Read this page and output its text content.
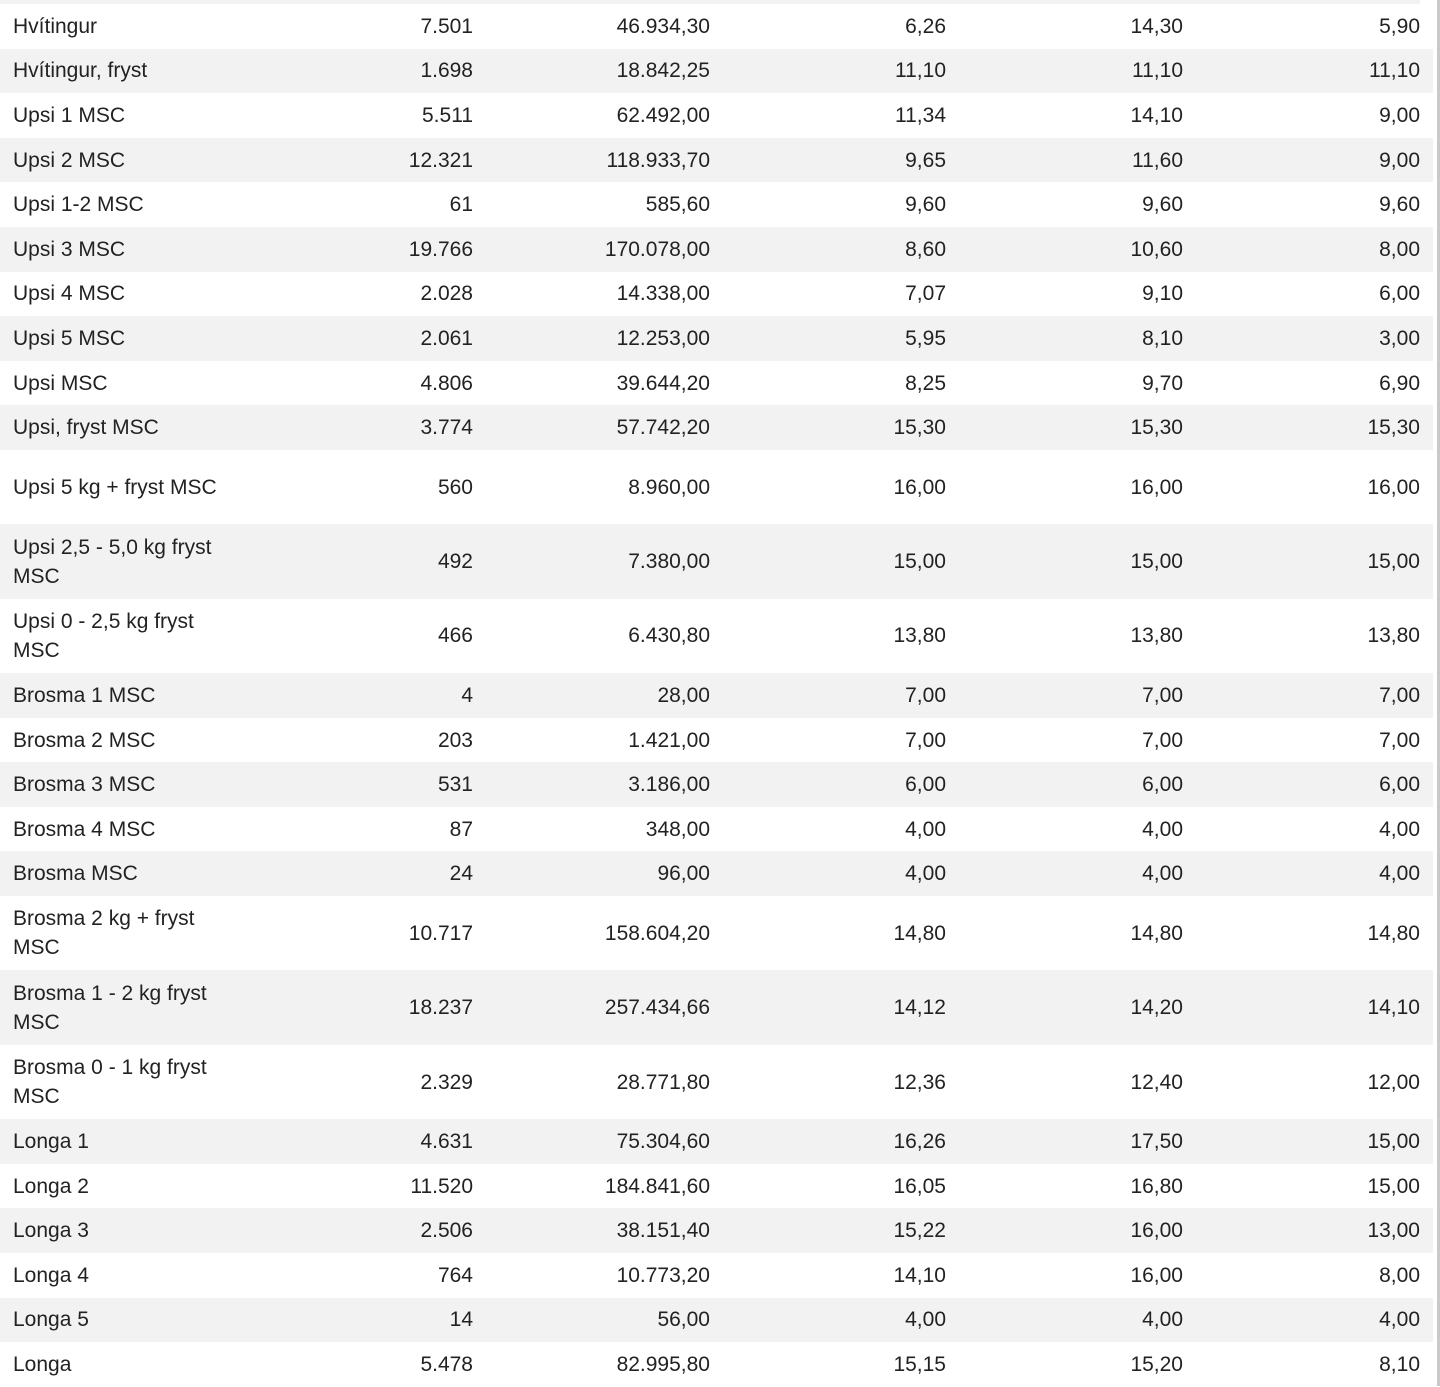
Hvítingur	7.501	46.934,30	6,26	14,30	5,90
Hvítingur, fryst	1.698	18.842,25	11,10	11,10	11,10
Upsi 1 MSC	5.511	62.492,00	11,34	14,10	9,00
Upsi 2 MSC	12.321	118.933,70	9,65	11,60	9,00
Upsi 1-2 MSC	61	585,60	9,60	9,60	9,60
Upsi 3 MSC	19.766	170.078,00	8,60	10,60	8,00
Upsi 4 MSC	2.028	14.338,00	7,07	9,10	6,00
Upsi 5 MSC	2.061	12.253,00	5,95	8,10	3,00
Upsi MSC	4.806	39.644,20	8,25	9,70	6,90
Upsi, fryst MSC	3.774	57.742,20	15,30	15,30	15,30
Upsi 5 kg + fryst MSC	560	8.960,00	16,00	16,00	16,00
Upsi 2,5 - 5,0 kg fryst MSC	492	7.380,00	15,00	15,00	15,00
Upsi 0 - 2,5 kg fryst MSC	466	6.430,80	13,80	13,80	13,80
Brosma 1 MSC	4	28,00	7,00	7,00	7,00
Brosma 2 MSC	203	1.421,00	7,00	7,00	7,00
Brosma 3 MSC	531	3.186,00	6,00	6,00	6,00
Brosma 4 MSC	87	348,00	4,00	4,00	4,00
Brosma MSC	24	96,00	4,00	4,00	4,00
Brosma 2 kg + fryst MSC	10.717	158.604,20	14,80	14,80	14,80
Brosma 1 - 2 kg fryst MSC	18.237	257.434,66	14,12	14,20	14,10
Brosma 0 - 1 kg fryst MSC	2.329	28.771,80	12,36	12,40	12,00
Longa 1	4.631	75.304,60	16,26	17,50	15,00
Longa 2	11.520	184.841,60	16,05	16,80	15,00
Longa 3	2.506	38.151,40	15,22	16,00	13,00
Longa 4	764	10.773,20	14,10	16,00	8,00
Longa 5	14	56,00	4,00	4,00	4,00
Longa	5.478	82.995,80	15,15	15,20	8,10
